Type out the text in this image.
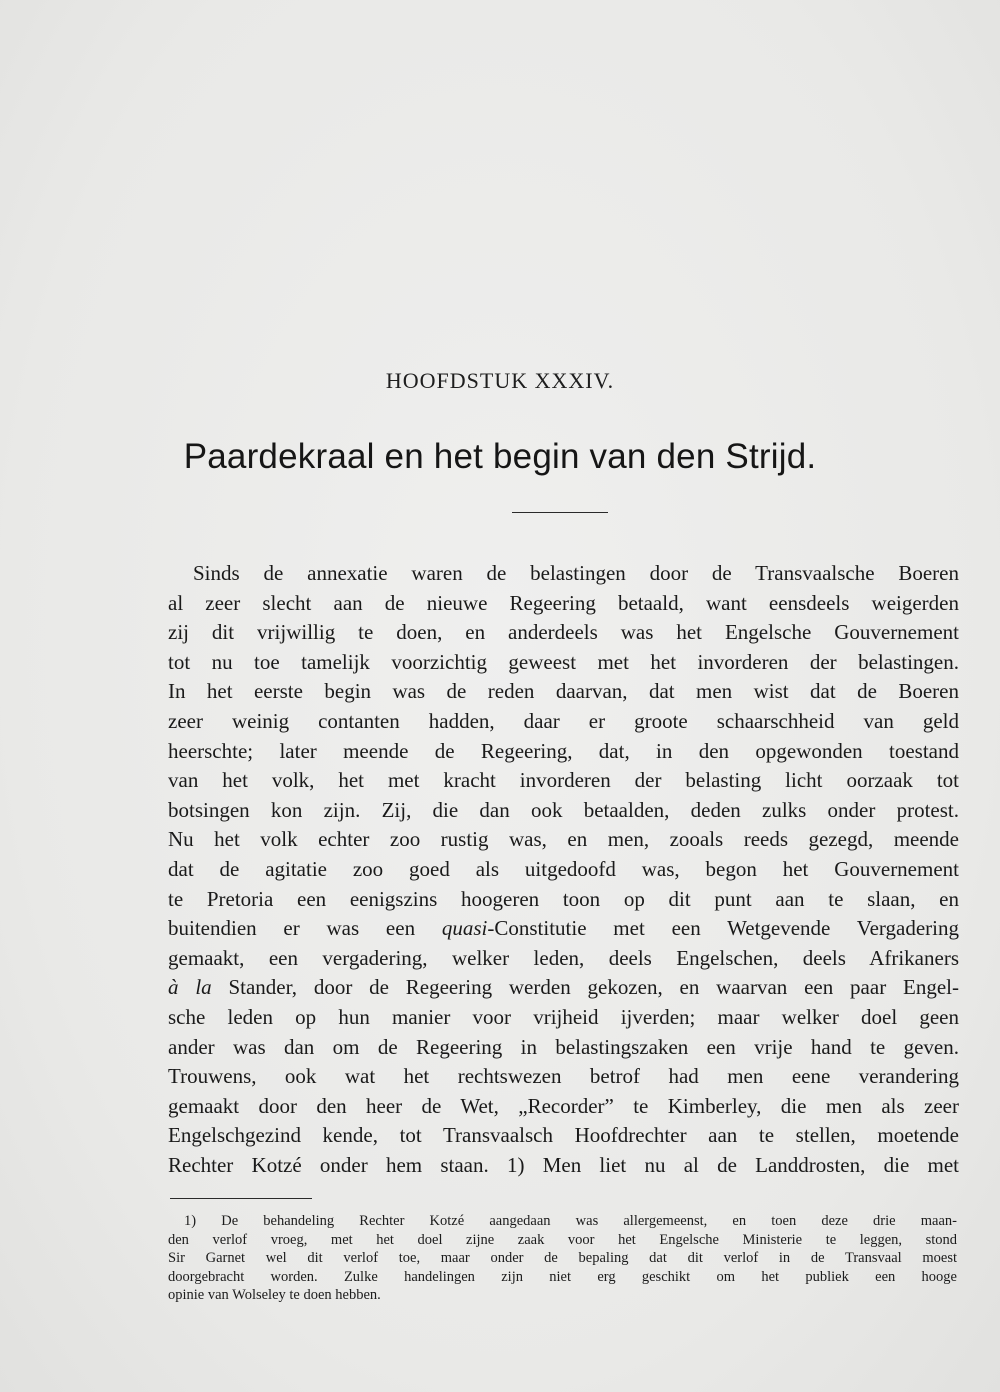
HOOFDSTUK XXXIV.
Paardekraal en het begin van den Strijd.
Sinds de annexatie waren de belastingen door de Transvaalsche Boeren
al zeer slecht aan de nieuwe Regeering betaald, want eensdeels weigerden
zij dit vrijwillig te doen, en anderdeels was het Engelsche Gouvernement
tot nu toe tamelijk voorzichtig geweest met het invorderen der belastingen.
In het eerste begin was de reden daarvan, dat men wist dat de Boeren
zeer weinig contanten hadden, daar er groote schaarschheid van geld
heerschte; later meende de Regeering, dat, in den opgewonden toestand
van het volk, het met kracht invorderen der belasting licht oorzaak tot
botsingen kon zijn. Zij, die dan ook betaalden, deden zulks onder protest.
Nu het volk echter zoo rustig was, en men, zooals reeds gezegd, meende
dat de agitatie zoo goed als uitgedoofd was, begon het Gouvernement
te Pretoria een eenigszins hoogeren toon op dit punt aan te slaan, en
buitendien er was een quasi-Constitutie met een Wetgevende Vergadering
gemaakt, een vergadering, welker leden, deels Engelschen, deels Afrikaners
à la Stander, door de Regeering werden gekozen, en waarvan een paar Engel-
sche leden op hun manier voor vrijheid ijverden; maar welker doel geen
ander was dan om de Regeering in belastingszaken een vrije hand te geven.
Trouwens, ook wat het rechtswezen betrof had men eene verandering
gemaakt door den heer de Wet, „Recorder” te Kimberley, die men als zeer
Engelschgezind kende, tot Transvaalsch Hoofdrechter aan te stellen, moetende
Rechter Kotzé onder hem staan. 1) Men liet nu al de Landdrosten, die met
1) De behandeling Rechter Kotzé aangedaan was allergemeenst, en toen deze drie maan-
den verlof vroeg, met het doel zijne zaak voor het Engelsche Ministerie te leggen, stond
Sir Garnet wel dit verlof toe, maar onder de bepaling dat dit verlof in de Transvaal moest
doorgebracht worden. Zulke handelingen zijn niet erg geschikt om het publiek een hooge
opinie van Wolseley te doen hebben.
